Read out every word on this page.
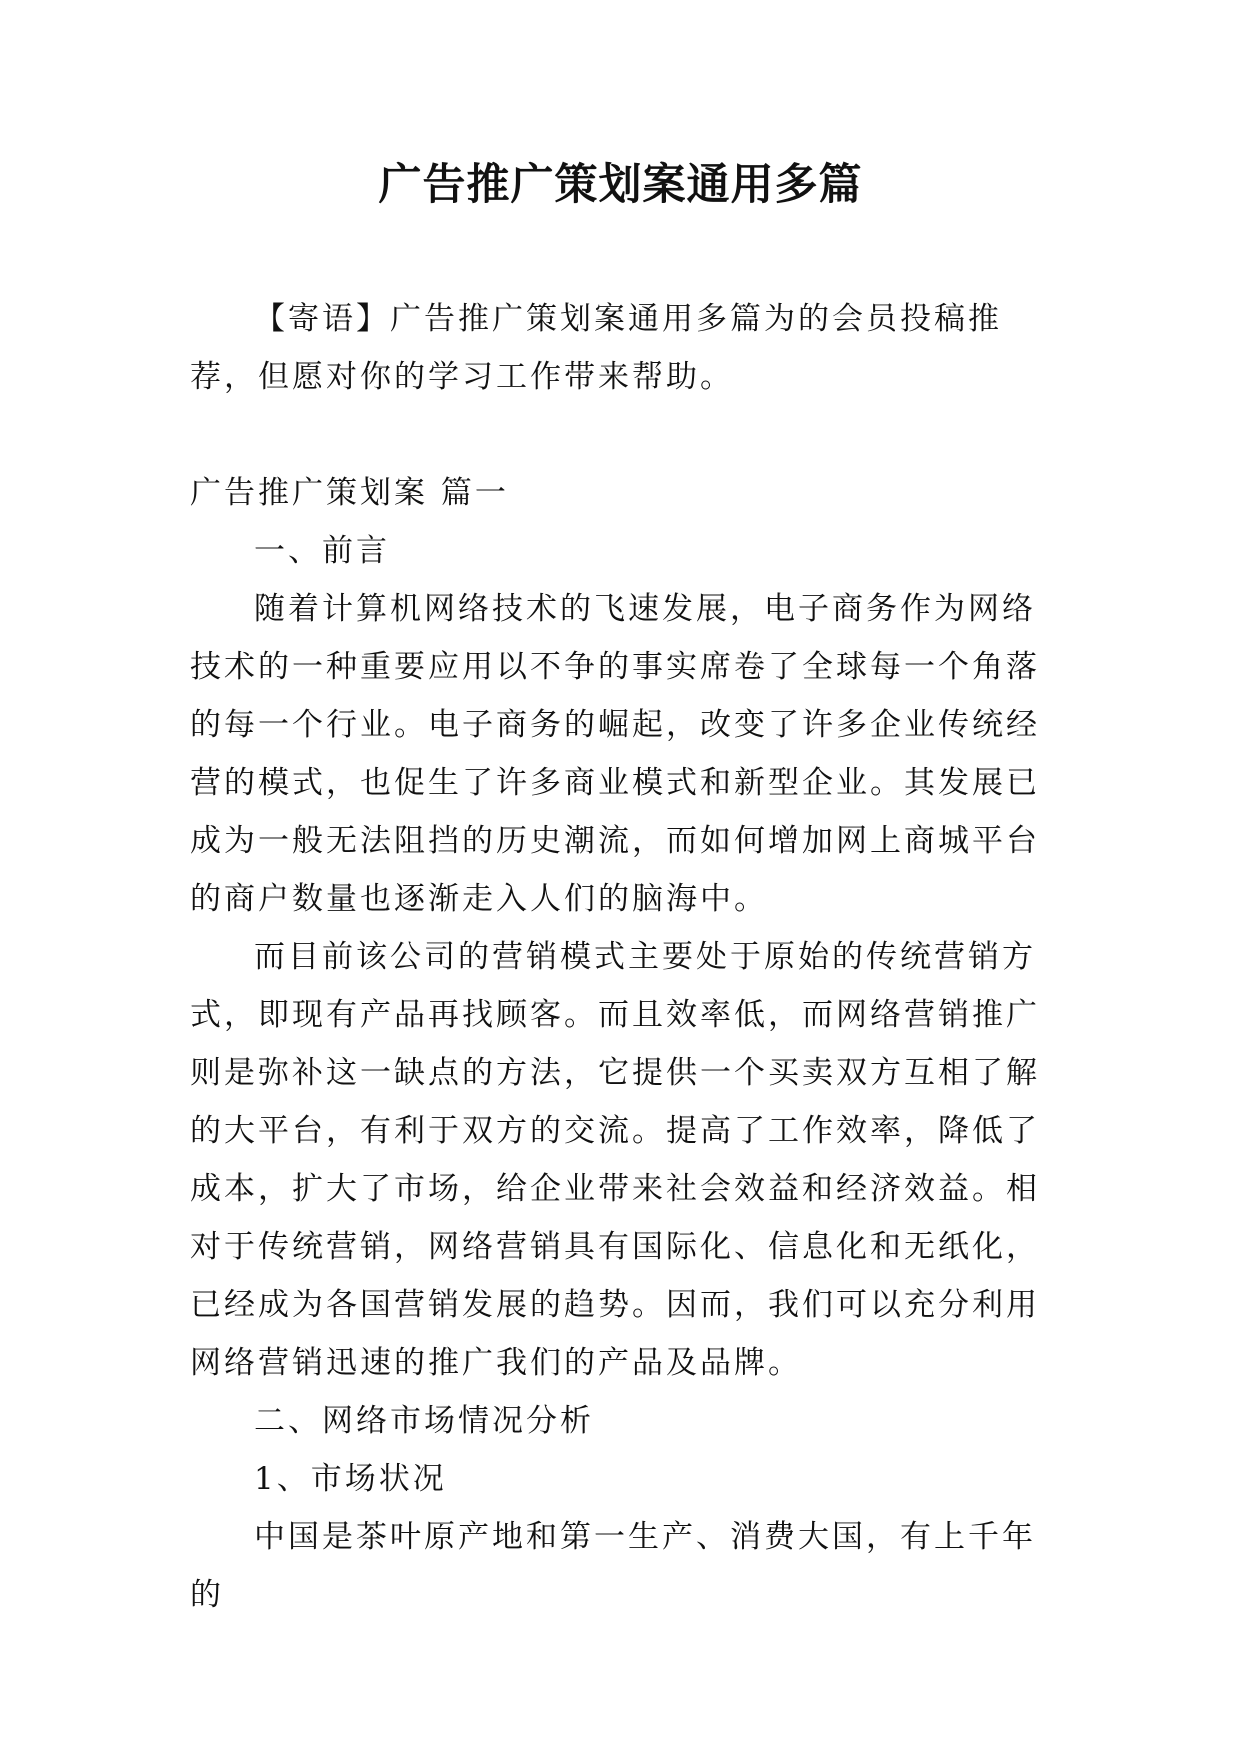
广告推广策划案通用多篇

【寄语】广告推广策划案通用多篇为的会员投稿推荐，但愿对你的学习工作带来帮助。

广告推广策划案 篇一

一、前言

随着计算机网络技术的飞速发展，电子商务作为网络技术的一种重要应用以不争的事实席卷了全球每一个角落的每一个行业。电子商务的崛起，改变了许多企业传统经营的模式，也促生了许多商业模式和新型企业。其发展已成为一般无法阻挡的历史潮流，而如何增加网上商城平台的商户数量也逐渐走入人们的脑海中。

而目前该公司的营销模式主要处于原始的传统营销方式，即现有产品再找顾客。而且效率低，而网络营销推广则是弥补这一缺点的方法，它提供一个买卖双方互相了解的大平台，有利于双方的交流。提高了工作效率，降低了成本，扩大了市场，给企业带来社会效益和经济效益。相对于传统营销，网络营销具有国际化、信息化和无纸化，已经成为各国营销发展的趋势。因而，我们可以充分利用网络营销迅速的推广我们的产品及品牌。

二、网络市场情况分析

1、市场状况

中国是茶叶原产地和第一生产、消费大国，有上千年的
